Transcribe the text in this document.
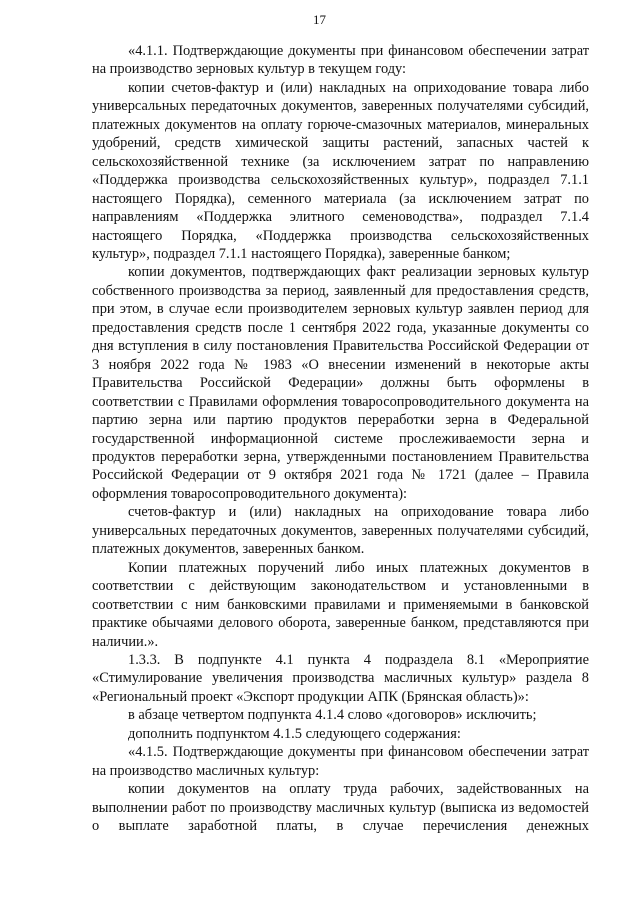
17

«4.1.1. Подтверждающие документы при финансовом обеспечении затрат на производство зерновых культур в текущем году:

копии счетов-фактур и (или) накладных на оприходование товара либо универсальных передаточных документов, заверенных получателями субсидий, платежных документов на оплату горюче-смазочных материалов, минеральных удобрений, средств химической защиты растений, запасных частей к сельскохозяйственной технике (за исключением затрат по направлению «Поддержка производства сельскохозяйственных культур», подраздел 7.1.1 настоящего Порядка), семенного материала (за исключением затрат по направлениям «Поддержка элитного семеноводства», подраздел 7.1.4 настоящего Порядка, «Поддержка производства сельскохозяйственных культур», подраздел 7.1.1 настоящего Порядка), заверенные банком;

копии документов, подтверждающих факт реализации зерновых культур собственного производства за период, заявленный для предоставления средств, при этом, в случае если производителем зерновых культур заявлен период для предоставления средств после 1 сентября 2022 года, указанные документы со дня вступления в силу постановления Правительства Российской Федерации от 3 ноября 2022 года № 1983 «О внесении изменений в некоторые акты Правительства Российской Федерации» должны быть оформлены в соответствии с Правилами оформления товаросопроводительного документа на партию зерна или партию продуктов переработки зерна в Федеральной государственной информационной системе прослеживаемости зерна и продуктов переработки зерна, утвержденными постановлением Правительства Российской Федерации от 9 октября 2021 года № 1721 (далее – Правила оформления товаросопроводительного документа):

счетов-фактур и (или) накладных на оприходование товара либо универсальных передаточных документов, заверенных получателями субсидий, платежных документов, заверенных банком.

Копии платежных поручений либо иных платежных документов в соответствии с действующим законодательством и установленными в соответствии с ним банковскими правилами и применяемыми в банковской практике обычаями делового оборота, заверенные банком, представляются при наличии.».

1.3.3. В подпункте 4.1 пункта 4 подраздела 8.1 «Мероприятие «Стимулирование увеличения производства масличных культур» раздела 8 «Региональный проект «Экспорт продукции АПК (Брянская область)»:

в абзаце четвертом подпункта 4.1.4 слово «договоров» исключить;

дополнить подпунктом 4.1.5 следующего содержания:

«4.1.5. Подтверждающие документы при финансовом обеспечении затрат на производство масличных культур:

копии документов на оплату труда рабочих, задействованных на выполнении работ по производству масличных культур (выписка из ведомостей о выплате заработной платы, в случае перечисления денежных
